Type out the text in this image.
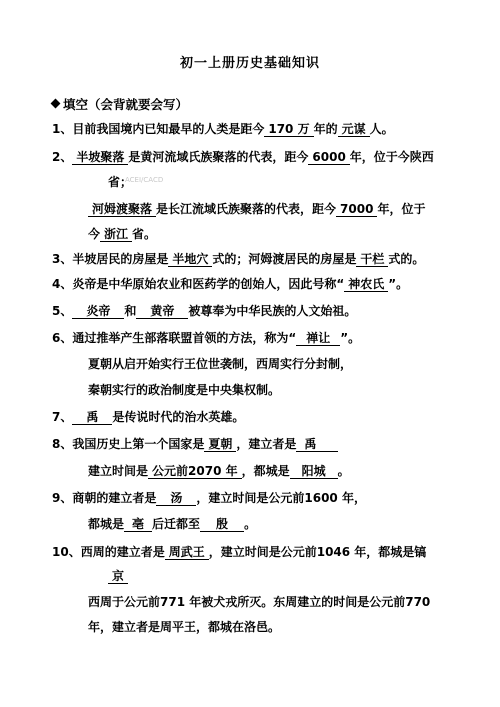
初一上册历史基础知识
填空（会背就要会写）
ACEI/CACD
1、目前我国境内已知最早的人类是距今 170 万 年的 元谋 人。
2、 半坡聚落 是黄河流域氏族聚落的代表，距今 6000 年，位于今陕西
省；
河姆渡聚落 是长江流域氏族聚落的代表，距今 7000 年，位于
今 浙江 省。
3、半坡居民的房屋是 半地穴 式的；河姆渡居民的房屋是 干栏 式的。
4、炎帝是中华原始农业和医药学的创始人，因此号称“ 神农氏 ”。
5、 炎帝 和 黄帝 被尊奉为中华民族的人文始祖。
6、通过推举产生部落联盟首领的方法，称为“ 禅让 ”。
夏朝从启开始实行王位世袭制，西周实行分封制，
秦朝实行的政治制度是中央集权制。
7、 禹 是传说时代的治水英雄。
8、我国历史上第一个国家是 夏朝 ，建立者是 禹
建立时间是 公元前2070 年 ，都城是 阳城 。
9、商朝的建立者是 汤 ，建立时间是公元前1600 年，
都城是 亳 后迁都至 殷 。
10、西周的建立者是 周武王 ，建立时间是公元前1046 年，都城是镐
京
西周于公元前771 年被犬戎所灭。东周建立的时间是公元前770
年，建立者是周平王，都城在洛邑。
